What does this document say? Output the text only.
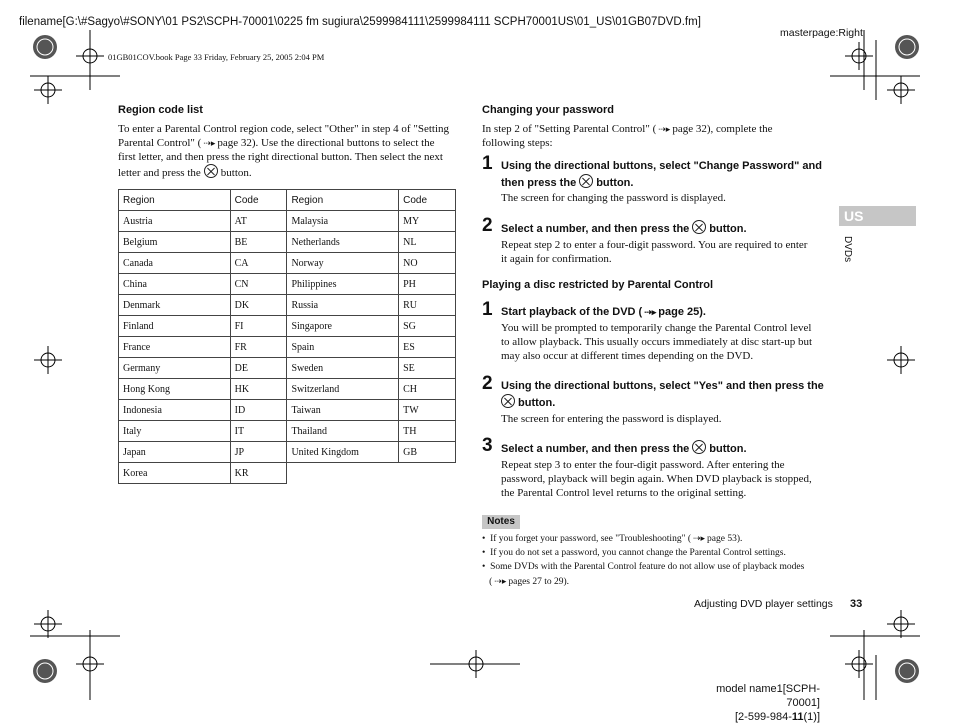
filename[G:\#Sagyo\#SONY\01 PS2\SCPH-70001\0225 fm sugiura\2599984111\2599984111 SCPH70001US\01_US\01GB07DVD.fm]
masterpage:Right
01GB01COV.book Page 33 Friday, February 25, 2005 2:04 PM
Region code list
To enter a Parental Control region code, select "Other" in step 4 of "Setting
Parental Control" ( ⇢▸ page 32). Use the directional buttons to select the
first letter, and then press the right directional button. Then select the next
letter and press the button.
Region	Code	Region	Code
Austria	AT	Malaysia	MY
Belgium	BE	Netherlands	NL
Canada	CA	Norway	NO
China	CN	Philippines	PH
Denmark	DK	Russia	RU
Finland	FI	Singapore	SG
France	FR	Spain	ES
Germany	DE	Sweden	SE
Hong Kong	HK	Switzerland	CH
Indonesia	ID	Taiwan	TW
Italy	IT	Thailand	TH
Japan	JP	United Kingdom	GB
Korea	KR		
Changing your password
In step 2 of "Setting Parental Control" ( ⇢▸ page 32), complete the
following steps:
1 Using the directional buttons, select "Change Password" and
then press the button.
The screen for changing the password is displayed.
2 Select a number, and then press the button.
Repeat step 2 to enter a four-digit password. You are required to enter
it again for confirmation.
Playing a disc restricted by Parental Control
1 Start playback of the DVD ( ⇢▸ page 25).
You will be prompted to temporarily change the Parental Control level
to allow playback. This usually occurs immediately at disc start-up but
may also occur at different times depending on the DVD.
2 Using the directional buttons, select "Yes" and then press the
button.
The screen for entering the password is displayed.
3 Select a number, and then press the button.
Repeat step 3 to enter the four-digit password. After entering the
password, playback will begin again. When DVD playback is stopped,
the Parental Control level returns to the original setting.
Notes
•  If you forget your password, see "Troubleshooting" ( ⇢▸ page 53).
•  If you do not set a password, you cannot change the Parental Control settings.
•  Some DVDs with the Parental Control feature do not allow use of playback modes
( ⇢▸ pages 27 to 29).
US
DVDs
Adjusting DVD player settings 33
model name1[SCPH-70001]
[2-599-984-11(1)]
